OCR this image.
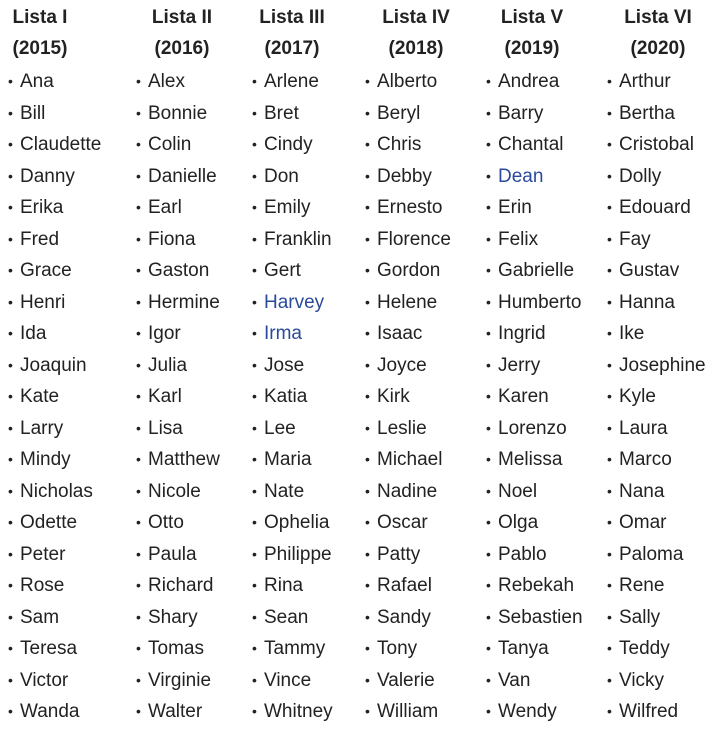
Lista I
(2015)
• Ana
• Bill
• Claudette
• Danny
• Erika
• Fred
• Grace
• Henri
• Ida
• Joaquin
• Kate
• Larry
• Mindy
• Nicholas
• Odette
• Peter
• Rose
• Sam
• Teresa
• Victor
• Wanda
Lista II
(2016)
• Alex
• Bonnie
• Colin
• Danielle
• Earl
• Fiona
• Gaston
• Hermine
• Igor
• Julia
• Karl
• Lisa
• Matthew
• Nicole
• Otto
• Paula
• Richard
• Shary
• Tomas
• Virginie
• Walter
Lista III
(2017)
• Arlene
• Bret
• Cindy
• Don
• Emily
• Franklin
• Gert
• Harvey
• Irma
• Jose
• Katia
• Lee
• Maria
• Nate
• Ophelia
• Philippe
• Rina
• Sean
• Tammy
• Vince
• Whitney
Lista IV
(2018)
• Alberto
• Beryl
• Chris
• Debby
• Ernesto
• Florence
• Gordon
• Helene
• Isaac
• Joyce
• Kirk
• Leslie
• Michael
• Nadine
• Oscar
• Patty
• Rafael
• Sandy
• Tony
• Valerie
• William
Lista V
(2019)
• Andrea
• Barry
• Chantal
• Dean
• Erin
• Felix
• Gabrielle
• Humberto
• Ingrid
• Jerry
• Karen
• Lorenzo
• Melissa
• Noel
• Olga
• Pablo
• Rebekah
• Sebastien
• Tanya
• Van
• Wendy
Lista VI
(2020)
• Arthur
• Bertha
• Cristobal
• Dolly
• Edouard
• Fay
• Gustav
• Hanna
• Ike
• Josephine
• Kyle
• Laura
• Marco
• Nana
• Omar
• Paloma
• Rene
• Sally
• Teddy
• Vicky
• Wilfred
